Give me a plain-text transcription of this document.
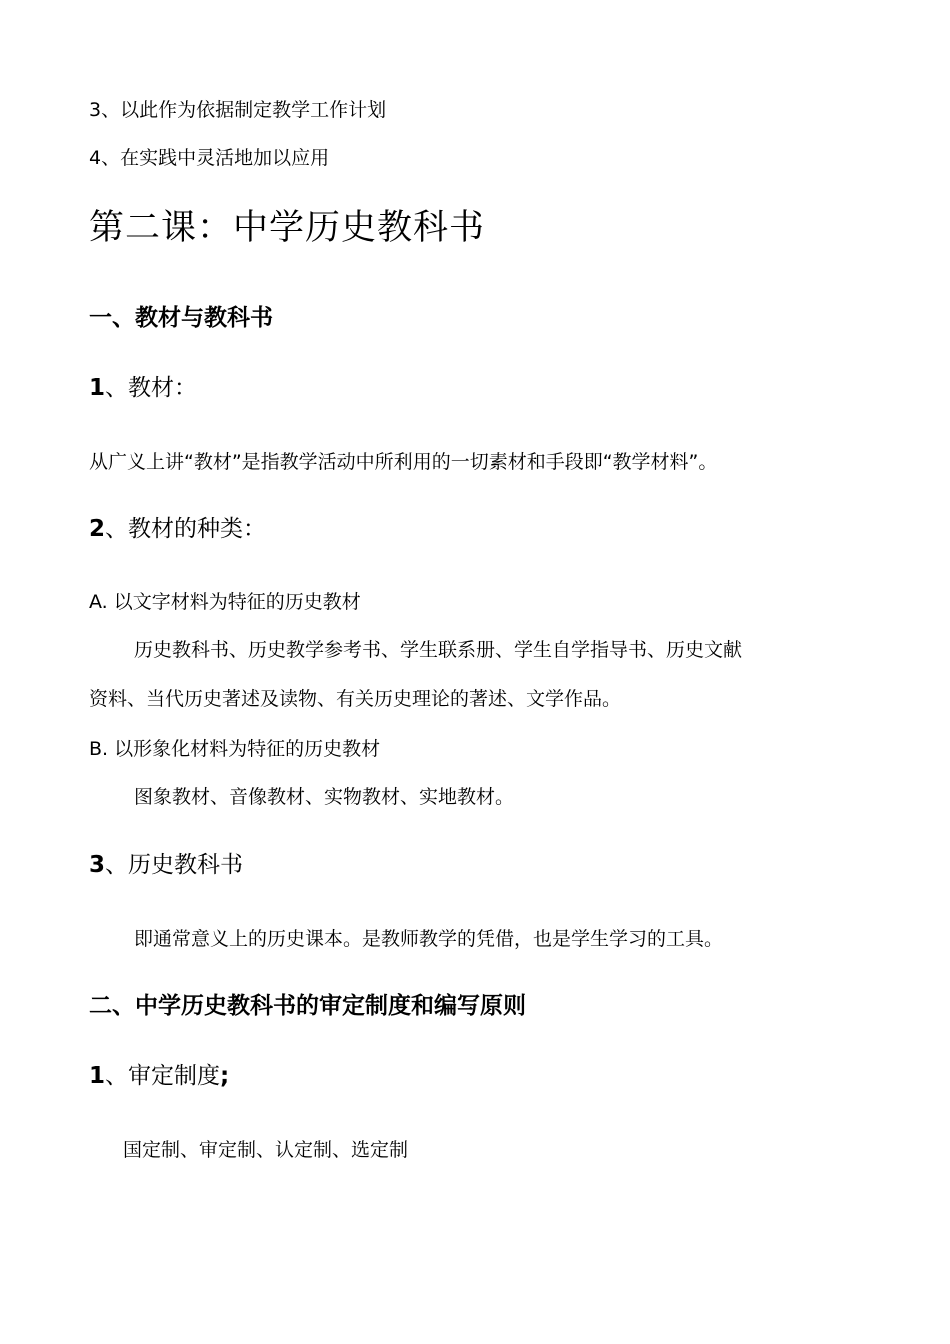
3、以此作为依据制定教学工作计划
4、在实践中灵活地加以应用
第二课：中学历史教科书
一、教材与教科书
1、教材：
从广义上讲“教材”是指教学活动中所利用的一切素材和手段即“教学材料”。
2、教材的种类：
A. 以文字材料为特征的历史教材
历史教科书、历史教学参考书、学生联系册、学生自学指导书、历史文献
资料、当代历史著述及读物、有关历史理论的著述、文学作品。
B. 以形象化材料为特征的历史教材
图象教材、音像教材、实物教材、实地教材。
3、历史教科书
即通常意义上的历史课本。是教师教学的凭借，也是学生学习的工具。
二、中学历史教科书的审定制度和编写原则
1、审定制度;
国定制、审定制、认定制、选定制
